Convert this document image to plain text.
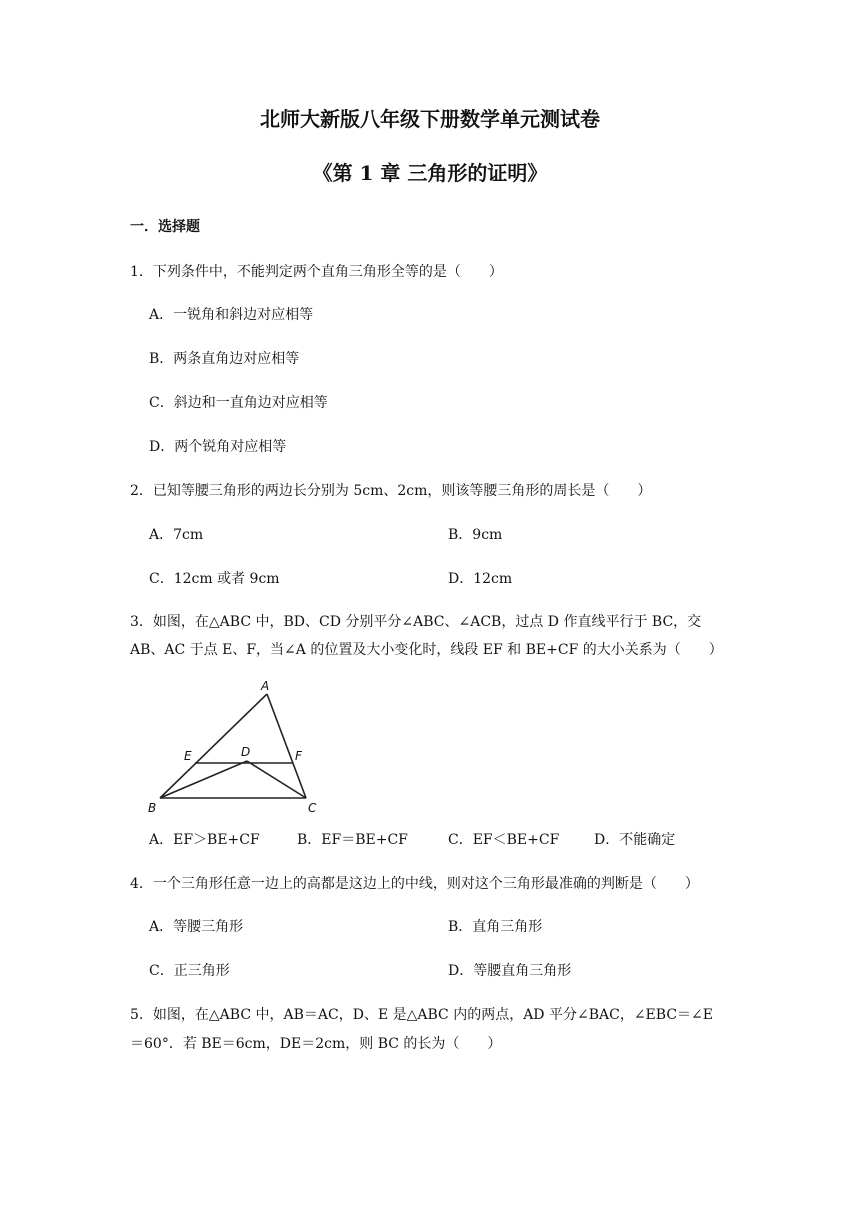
北师大新版八年级下册数学单元测试卷
《第 1 章 三角形的证明》
一．选择题
1．下列条件中，不能判定两个直角三角形全等的是（　　）
A．一锐角和斜边对应相等
B．两条直角边对应相等
C．斜边和一直角边对应相等
D．两个锐角对应相等
2．已知等腰三角形的两边长分别为 5cm、2cm，则该等腰三角形的周长是（　　）
A．7cm	B．9cm
C．12cm 或者 9cm	D．12cm
3．如图，在△ABC 中，BD、CD 分别平分∠ABC、∠ACB，过点 D 作直线平行于 BC，交
AB、AC 于点 E、F，当∠A 的位置及大小变化时，线段 EF 和 BE+CF 的大小关系为（　　）
A
B	C
D
E	F
A．EF＞BE+CF	B．EF＝BE+CF	C．EF＜BE+CF D．不能确定
4．一个三角形任意一边上的高都是这边上的中线，则对这个三角形最准确的判断是（　　）
A．等腰三角形	B．直角三角形
C．正三角形	D．等腰直角三角形
5．如图，在△ABC 中，AB＝AC，D、E 是△ABC 内的两点，AD 平分∠BAC，∠EBC＝∠E
＝60°．若 BE＝6cm，DE＝2cm，则 BC 的长为（　　）
